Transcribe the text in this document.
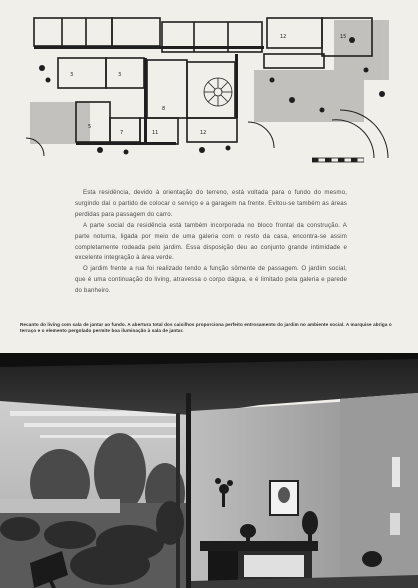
3	3
5
7
8
11	12
12	15

Esta residência, devido à orientação do terreno, está voltada para o fundo do mesmo, surgindo daí o partido de colocar o serviço e a garagem na frente. Evitou-se também as áreas perdidas para passagem do carro.

A parte social da residência está também incorporada no bloco frontal da construção. A parte noturna, ligada por meio de uma galeria com o resto da casa, encontra-se assim completamente rodeada pelo jardim. Essa disposição deu ao conjunto grande intimidade e excelente integração à área verde.

O jardim frente a rua foi realizado tendo a função sômente de passagem. O jardim social, que é uma continuação do living, atravessa o corpo dágua, e é limitado pela galeria e parede do banheiro.

Recanto do living com sala de jantar ao fundo. A abertura total dos caixilhos proporciona perfeito entrosamento do jardim no ambiente social. A marquise abriga o terraço e o elemento pergolado permite boa iluminação à sala de jantar.
